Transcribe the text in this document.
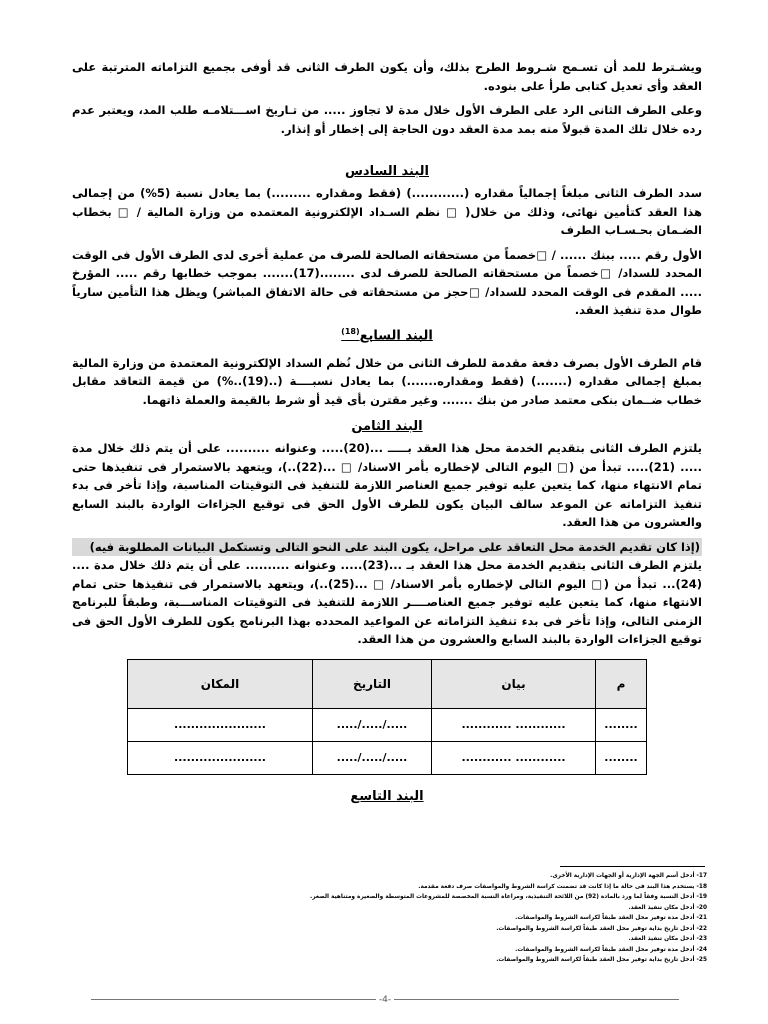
ويشـترط للمد أن تسـمح شـروط الطرح بذلك، وأن يكون الطرف الثانى قد أوفى بجميع التزاماته المترتبة على العقد وأى تعديل كتابى طرأ على بنوده.

وعلى الطرف الثانى الرد على الطرف الأول خلال مدة لا تجاوز ..... من تـاريخ اســـتلامـه طلب المد، ويعتبر عدم رده خلال تلك المدة قبولاً منه بمد مدة العقد دون الحاجة إلى إخطار أو إنذار.

البند السادس

سدد الطرف الثانى مبلغاً إجمالياً مقداره (............) (فقط ومقداره .........) بما يعادل نسبة (5%) من إجمالى هذا العقد كتأمين نهائى، وذلك من خلال( □ نظم السـداد الإلكترونية المعتمده من وزارة المالية / □ بخطاب الضـمان بحـسـاب الطرف

الأول رقم ..... ببنك ...... / □خصماً من مستحقاته الصالحة للصرف من عملية أخرى لدى الطرف الأول فى الوقت المحدد للسداد/ □خصماً من مستحقاته الصالحة للصرف لدى ........(17)....... بموجب خطابها رقم ..... المؤرخ ..... المقدم فى الوقت المحدد للسداد/ □حجز من مستحقاته فى حالة الاتفاق المباشر) ويظل هذا التأمين سارياً طوال مدة تنفيذ العقد.

البند السابع$^{(18)}$

قام الطرف الأول بصرف دفعة مقدمة للطرف الثانى من خلال نُظم السداد الإلكترونية المعتمدة من وزارة المالية بمبلغ إجمالى مقداره (.......) (فقط ومقداره.......) بما يعادل نسبــــة (..(19)..%) من قيمة التعاقد مقابل خطاب ضــمان بنكى معتمد صادر من بنك ....... وغير مقترن بأى قيد أو شرط بالقيمة والعملة ذاتهما.

البند الثامن

يلتزم الطرف الثانى بتقديم الخدمة محل هذا العقد بـــــ ...(20)..... وعنوانه .......... على أن يتم ذلك خلال مدة ..... (21)..... تبدأ من (□ اليوم التالى لإخطاره بأمر الاسناد/ □ ...(22)..)، ويتعهد بالاستمرار فى تنفيذها حتى تمام الانتهاء منها، كما يتعين عليه توفير جميع العناصر اللازمة للتنفيذ فى التوقيتات المناسبة، وإذا تأخر فى بدء تنفيذ التزاماته عن الموعد سالف البيان يكون للطرف الأول الحق فى توقيع الجزاءات الواردة بالبند السابع والعشرون من هذا العقد.

(إذا كان تقديم الخدمة محل التعاقد على مراحل، يكون البند على النحو التالى وتستكمل البيانات المطلوبة فيه)

يلتزم الطرف الثانى بتقديم الخدمة محل هذا العقد بـ ...(23)..... وعنوانه .......... على أن يتم ذلك خلال مدة ....(24)... تبدأ من (□ اليوم التالى لإخطاره بأمر الاسناد/ □ ...(25)..)، ويتعهد بالاستمرار فى تنفيذها حتى تمام الانتهاء منها، كما يتعين عليه توفير جميع العناصــــر اللازمة للتنفيذ فى التوقيتات المناســـبة، وطبقاً للبرنامج الزمنى التالى، وإذا تأخر فى بدء تنفيذ التزاماته عن المواعيد المحدده بهذا البرنامج يكون للطرف الأول الحق فى توقيع الجزاءات الواردة بالبند السابع والعشرون من هذا العقد.

م	بيان	التاريخ	المكان
........	............ ............	...../...../.....	......................
........	............ ............	...../...../.....	......................
البند التاسع
17- أدخل أسم الجهة الإدارية أو الجهات الإدارية الأخرى.
18- يستخدم هذا البند فى حالة ما إذا كانت قد تضمنت كراسة الشروط والمواصفات صرف دفعة مقدمة.
19- أدخل النسبة وفقاً لما ورد بالمادة (92) من اللائحة التنفيذية، ومراعاة النسبة المخصصة للمشروعات المتوسطة والصغيرة ومتناهية الصغر.
20- أدخل مكان تنفيذ العقد.
21- أدخل مدة توفير محل العقد طبقاً لكراسة الشروط والمواصفات.
22- أدخل تاريخ بداية توفير محل العقد طبقاً لكراسة الشروط والمواصفات.
23- أدخل مكان تنفيذ العقد.
24- أدخل مدة توفير محل العقد طبقاً لكراسة الشروط والمواصفات.
25- أدخل تاريخ بداية توفير محل العقد طبقاً لكراسة الشروط والمواصفات.
-4-
